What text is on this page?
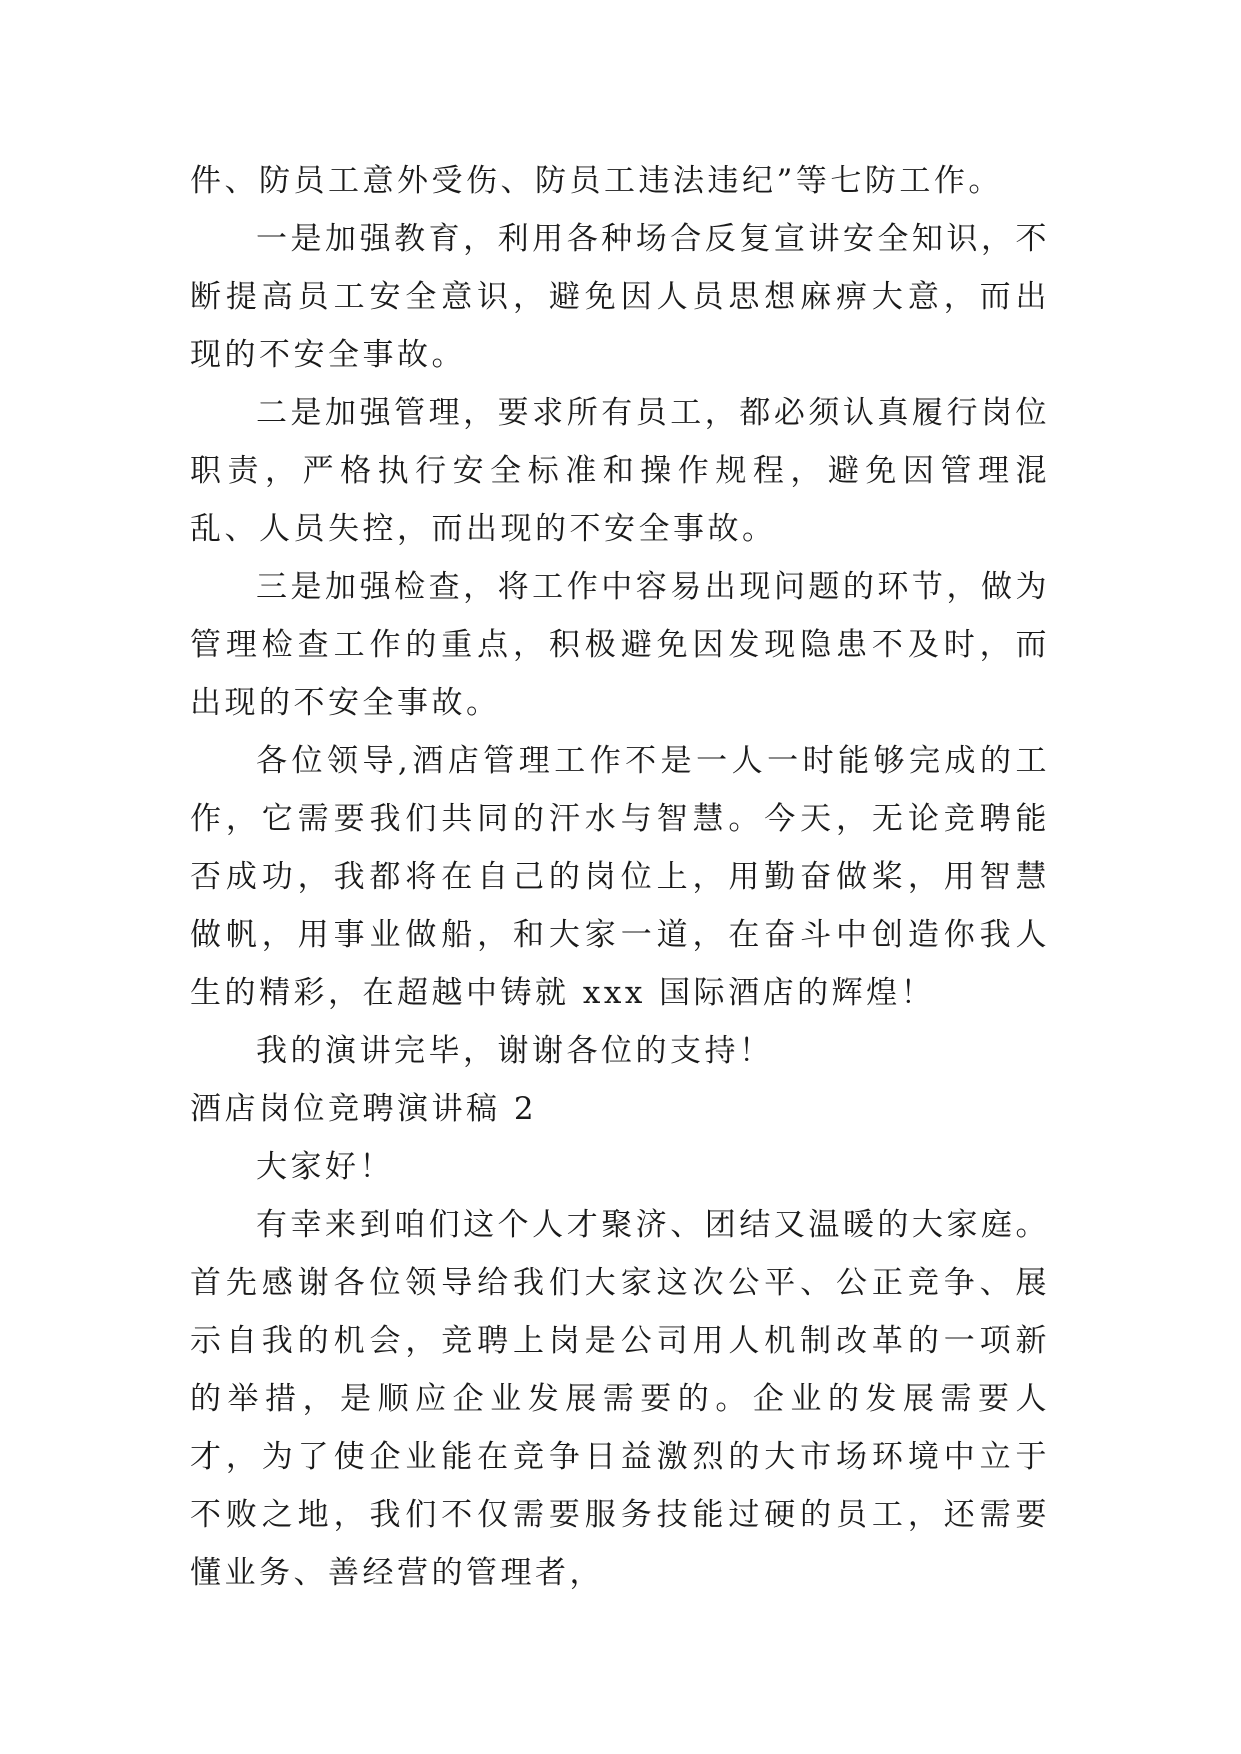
件、防员工意外受伤、防员工违法违纪”等七防工作。

一是加强教育，利用各种场合反复宣讲安全知识，不断提高员工安全意识，避免因人员思想麻痹大意，而出现的不安全事故。

二是加强管理，要求所有员工，都必须认真履行岗位职责，严格执行安全标准和操作规程，避免因管理混乱、人员失控，而出现的不安全事故。

三是加强检查，将工作中容易出现问题的环节，做为管理检查工作的重点，积极避免因发现隐患不及时，而出现的不安全事故。

各位领导,酒店管理工作不是一人一时能够完成的工作，它需要我们共同的汗水与智慧。今天，无论竞聘能否成功，我都将在自己的岗位上，用勤奋做桨，用智慧做帆，用事业做船，和大家一道，在奋斗中创造你我人生的精彩，在超越中铸就 xxx 国际酒店的辉煌！

我的演讲完毕，谢谢各位的支持！

酒店岗位竞聘演讲稿 2

大家好！

有幸来到咱们这个人才聚济、团结又温暖的大家庭。首先感谢各位领导给我们大家这次公平、公正竞争、展示自我的机会，竞聘上岗是公司用人机制改革的一项新的举措，是顺应企业发展需要的。企业的发展需要人才，为了使企业能在竞争日益激烈的大市场环境中立于不败之地，我们不仅需要服务技能过硬的员工，还需要懂业务、善经营的管理者，
